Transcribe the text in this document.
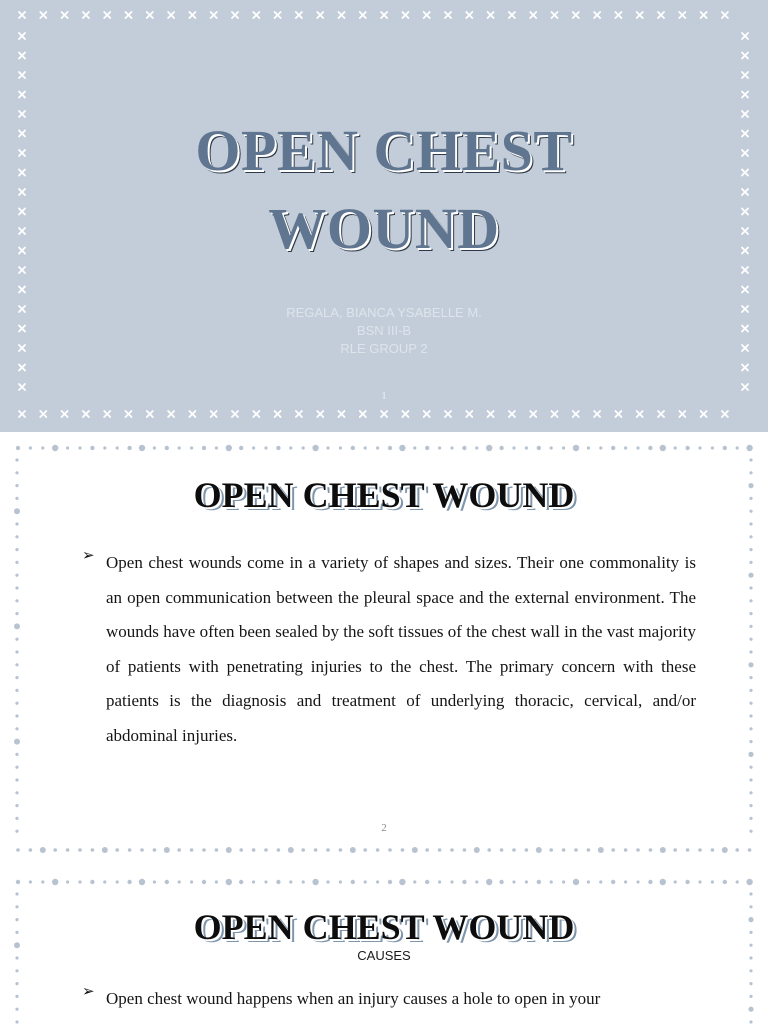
OPEN CHEST
WOUND
REGALA, BIANCA YSABELLE M.
BSN III-B
RLE GROUP 2
1
OPEN CHEST WOUND
➢ Open chest wounds come in a variety of shapes and sizes. Their one commonality is an open communication between the pleural space and the external environment. The wounds have often been sealed by the soft tissues of the chest wall in the vast majority of patients with penetrating injuries to the chest. The primary concern with these patients is the diagnosis and treatment of underlying thoracic, cervical, and/or abdominal injuries.
2
OPEN CHEST WOUND
CAUSES
➢ Open chest wound happens when an injury causes a hole to open in your
